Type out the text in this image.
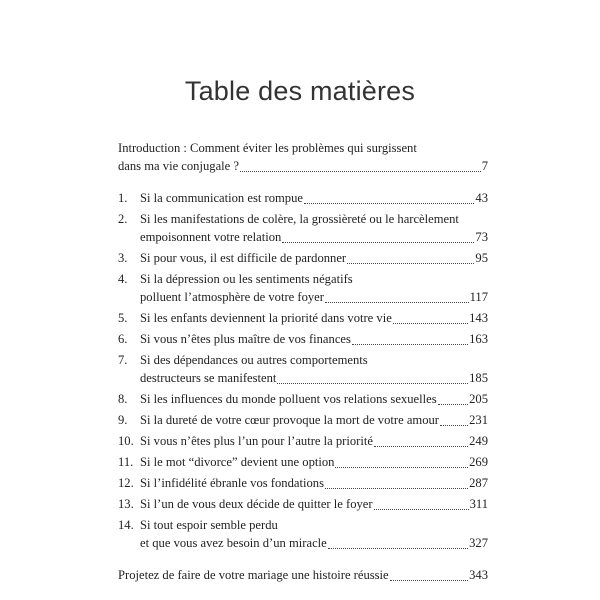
Table des matières
Introduction : Comment éviter les problèmes qui surgissent
dans ma vie conjugale ?	7
1. Si la communication est rompue	43
2. Si les manifestations de colère, la grossièreté ou le harcèlement
empoisonnent votre relation	73
3. Si pour vous, il est difficile de pardonner	95
4. Si la dépression ou les sentiments négatifs
polluent l’atmosphère de votre foyer	117
5. Si les enfants deviennent la priorité dans votre vie	143
6. Si vous n’êtes plus maître de vos finances	163
7. Si des dépendances ou autres comportements
destructeurs se manifestent	185
8. Si les influences du monde polluent vos relations sexuelles	205
9. Si la dureté de votre cœur provoque la mort de votre amour 231
10. Si vous n’êtes plus l’un pour l’autre la priorité	249
11. Si le mot “divorce” devient une option	269
12. Si l’infidélité ébranle vos fondations	287
13. Si l’un de vous deux décide de quitter le foyer	311
14. Si tout espoir semble perdu
et que vous avez besoin d’un miracle	327
Projetez de faire de votre mariage une histoire réussie	343
